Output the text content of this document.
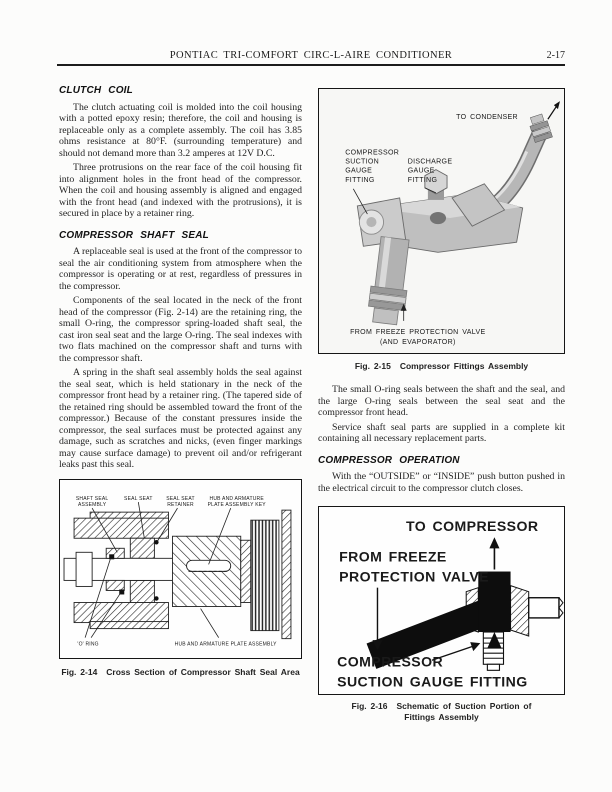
PONTIAC TRI-COMFORT CIRC-L-AIRE CONDITIONER	2-17
CLUTCH COIL

The clutch actuating coil is molded into the coil housing with a potted epoxy resin; therefore, the coil and housing is replaceable only as a complete assembly. The coil has 3.85 ohms resistance at 80°F. (surrounding temperature) and should not demand more than 3.2 amperes at 12V D.C.

Three protrusions on the rear face of the coil housing fit into alignment holes in the front head of the compressor. When the coil and housing assembly is aligned and engaged with the front head (and indexed with the protrusions), it is secured in place by a retainer ring.

COMPRESSOR SHAFT SEAL

A replaceable seal is used at the front of the compressor to seal the air conditioning system from atmosphere when the compressor is operating or at rest, regardless of pressures in the compressor.

Components of the seal located in the neck of the front head of the compressor (Fig. 2-14) are the retaining ring, the small O-ring, the compressor spring-loaded shaft seal, the cast iron seal seat and the large O-ring. The seal indexes with two flats machined on the compressor shaft and turns with the compressor shaft.

A spring in the shaft seal assembly holds the seal against the seal seat, which is held stationary in the neck of the compressor front head by a retainer ring. (The tapered side of the retained ring should be assembled toward the front of the compressor.) Because of the constant pressures inside the compressor, the seal surfaces must be protected against any damage, such as scratches and nicks, (even finger markings may cause surface damage) to prevent oil and/or refrigerant leaks past this seal.

SHAFT SEAL
ASSEMBLY
SEAL SEAT	SEAL SEAT
RETAINER
HUB AND ARMATURE
PLATE ASSEMBLY KEY
'O' RING	HUB AND ARMATURE PLATE ASSEMBLY
Fig. 2-14 Cross Section of Compressor Shaft Seal Area
TO CONDENSER
COMPRESSOR
SUCTION
GAUGE
FITTING
DISCHARGE
GAUGE
FITTING
FROM FREEZE PROTECTION VALVE
(AND EVAPORATOR)
Fig. 2-15 Compressor Fittings Assembly

The small O-ring seals between the shaft and the seal, and the large O-ring seals between the seal seat and the compressor front head.

Service shaft seal parts are supplied in a complete kit containing all necessary replacement parts.

COMPRESSOR OPERATION

With the “OUTSIDE” or “INSIDE” push button pushed in the electrical circuit to the compressor clutch closes.

TO COMPRESSOR
FROM FREEZE
PROTECTION VALVE
COMPRESSOR
SUCTION GAUGE FITTING
Fig. 2-16 Schematic of Suction Portion of
Fittings Assembly
